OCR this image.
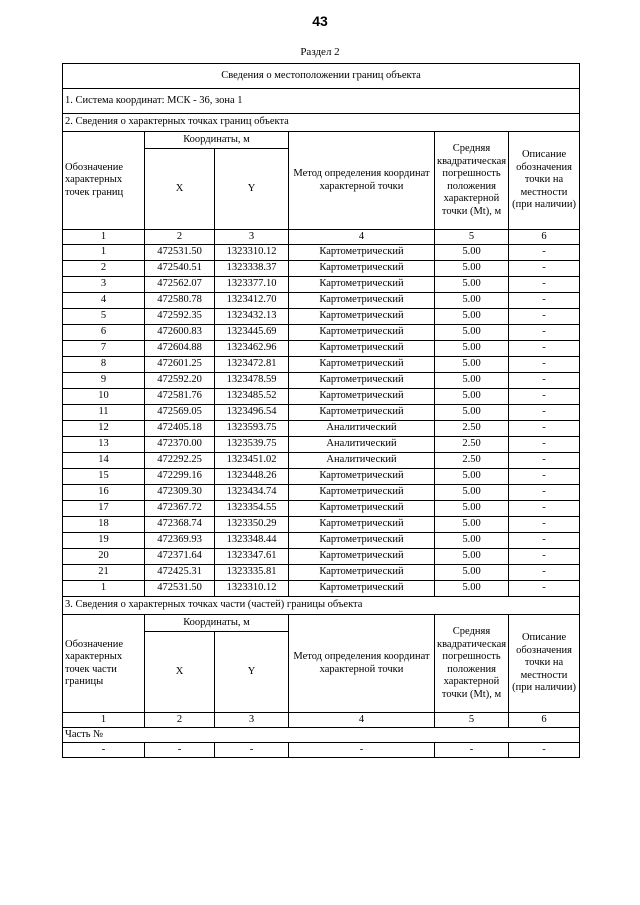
43
Раздел 2
Сведения о местоположении границ объекта					
1. Система координат: МСК - 36, зона 1					
2. Сведения о характерных точках границ объекта					
Обозначение характерных точек границ	Координаты, м		Метод определения координат характерной точки	Средняя квадратическая погрешность положения характерной точки (Mt), м	Описание обозначения точки на местности (при наличии)
	X	Y			
1	2	3	4	5	6
1	472531.50	1323310.12	Картометрический	5.00	-
2	472540.51	1323338.37	Картометрический	5.00	-
3	472562.07	1323377.10	Картометрический	5.00	-
4	472580.78	1323412.70	Картометрический	5.00	-
5	472592.35	1323432.13	Картометрический	5.00	-
6	472600.83	1323445.69	Картометрический	5.00	-
7	472604.88	1323462.96	Картометрический	5.00	-
8	472601.25	1323472.81	Картометрический	5.00	-
9	472592.20	1323478.59	Картометрический	5.00	-
10	472581.76	1323485.52	Картометрический	5.00	-
11	472569.05	1323496.54	Картометрический	5.00	-
12	472405.18	1323593.75	Аналитический	2.50	-
13	472370.00	1323539.75	Аналитический	2.50	-
14	472292.25	1323451.02	Аналитический	2.50	-
15	472299.16	1323448.26	Картометрический	5.00	-
16	472309.30	1323434.74	Картометрический	5.00	-
17	472367.72	1323354.55	Картометрический	5.00	-
18	472368.74	1323350.29	Картометрический	5.00	-
19	472369.93	1323348.44	Картометрический	5.00	-
20	472371.64	1323347.61	Картометрический	5.00	-
21	472425.31	1323335.81	Картометрический	5.00	-
1	472531.50	1323310.12	Картометрический	5.00	-
3. Сведения о характерных точках части (частей) границы объекта					
Обозначение характерных точек части границы	Координаты, м		Метод определения координат характерной точки	Средняя квадратическая погрешность положения характерной точки (Mt), м	Описание обозначения точки на местности (при наличии)
	X	Y			
1	2	3	4	5	6
Часть №					
-	-	-	-	-	-
